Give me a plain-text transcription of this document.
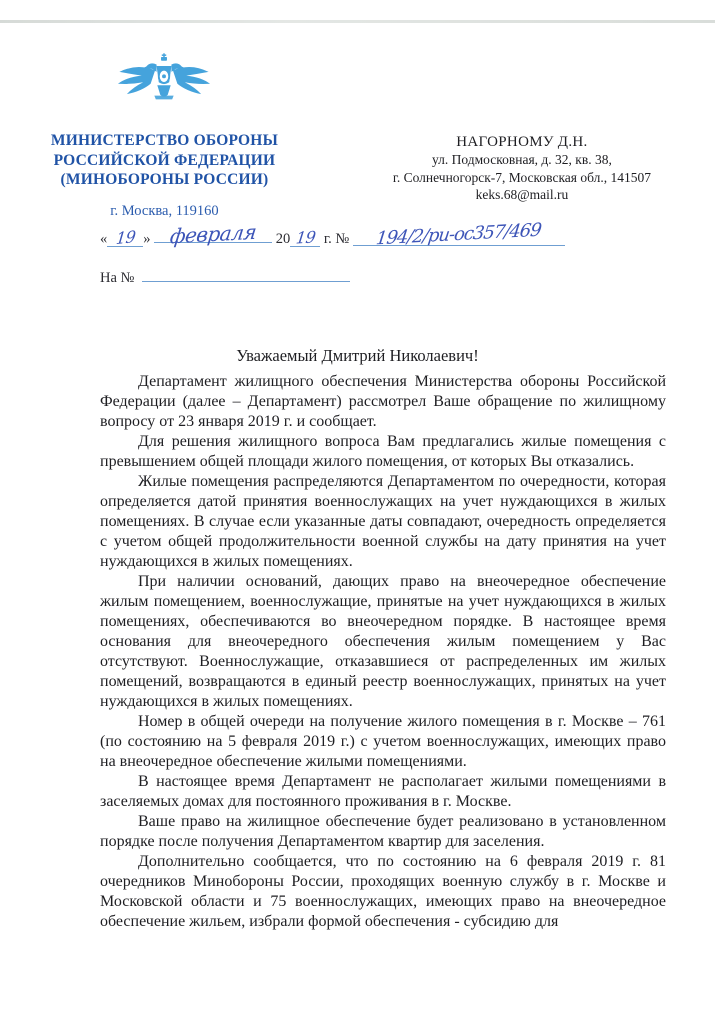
МИНИСТЕРСТВО ОБОРОНЫ
РОССИЙСКОЙ ФЕДЕРАЦИИ
(МИНОБОРОНЫ РОССИИ)
г. Москва, 119160
НАГОРНОМУ Д.Н.
ул. Подмосковная, д. 32, кв. 38,
г. Солнечногорск-7, Московская обл., 141507
keks.68@mail.ru
« 19 » февраля 20 19 г. № 194/2/ри-ос357/469
На №
Уважаемый Дмитрий Николаевич!

Департамент жилищного обеспечения Министерства обороны Российской Федерации (далее – Департамент) рассмотрел Ваше обращение по жилищному вопросу от 23 января 2019 г. и сообщает.

Для решения жилищного вопроса Вам предлагались жилые помещения с превышением общей площади жилого помещения, от которых Вы отказались.

Жилые помещения распределяются Департаментом по очередности, которая определяется датой принятия военнослужащих на учет нуждающихся в жилых помещениях. В случае если указанные даты совпадают, очередность определяется с учетом общей продолжительности военной службы на дату принятия на учет нуждающихся в жилых помещениях.

При наличии оснований, дающих право на внеочередное обеспечение жилым помещением, военнослужащие, принятые на учет нуждающихся в жилых помещениях, обеспечиваются во внеочередном порядке. В настоящее время основания для внеочередного обеспечения жилым помещением у Вас отсутствуют. Военнослужащие, отказавшиеся от распределенных им жилых помещений, возвращаются в единый реестр военнослужащих, принятых на учет нуждающихся в жилых помещениях.

Номер в общей очереди на получение жилого помещения в г. Москве – 761 (по состоянию на 5 февраля 2019 г.) с учетом военнослужащих, имеющих право на внеочередное обеспечение жилыми помещениями.

В настоящее время Департамент не располагает жилыми помещениями в заселяемых домах для постоянного проживания в г. Москве.

Ваше право на жилищное обеспечение будет реализовано в установленном порядке после получения Департаментом квартир для заселения.

Дополнительно сообщается, что по состоянию на 6 февраля 2019 г. 81 очередников Минобороны России, проходящих военную службу в г. Москве и Московской области и 75 военнослужащих, имеющих право на внеочередное обеспечение жильем, избрали формой обеспечения - субсидию для
